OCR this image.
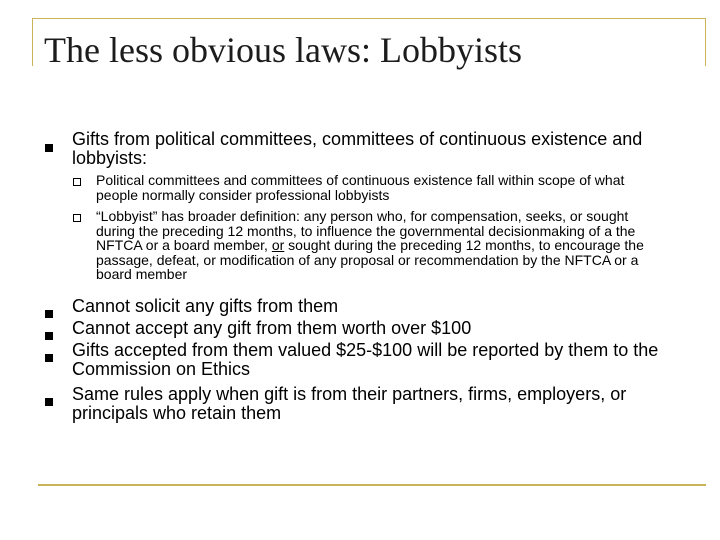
The less obvious laws: Lobbyists
Gifts from political committees, committees of continuous existence and lobbyists:
Political committees and committees of continuous existence fall within scope of what people normally consider professional lobbyists
“Lobbyist” has broader definition: any person who, for compensation, seeks, or sought during the preceding 12 months, to influence the governmental decisionmaking of a the NFTCA or a board member, or sought during the preceding 12 months, to encourage the passage, defeat, or modification of any proposal or recommendation by the NFTCA or a board member
Cannot solicit any gifts from them
Cannot accept any gift from them worth over $100
Gifts accepted from them valued $25-$100 will be reported by them to the Commission on Ethics
Same rules apply when gift is from their partners, firms, employers, or principals who retain them
